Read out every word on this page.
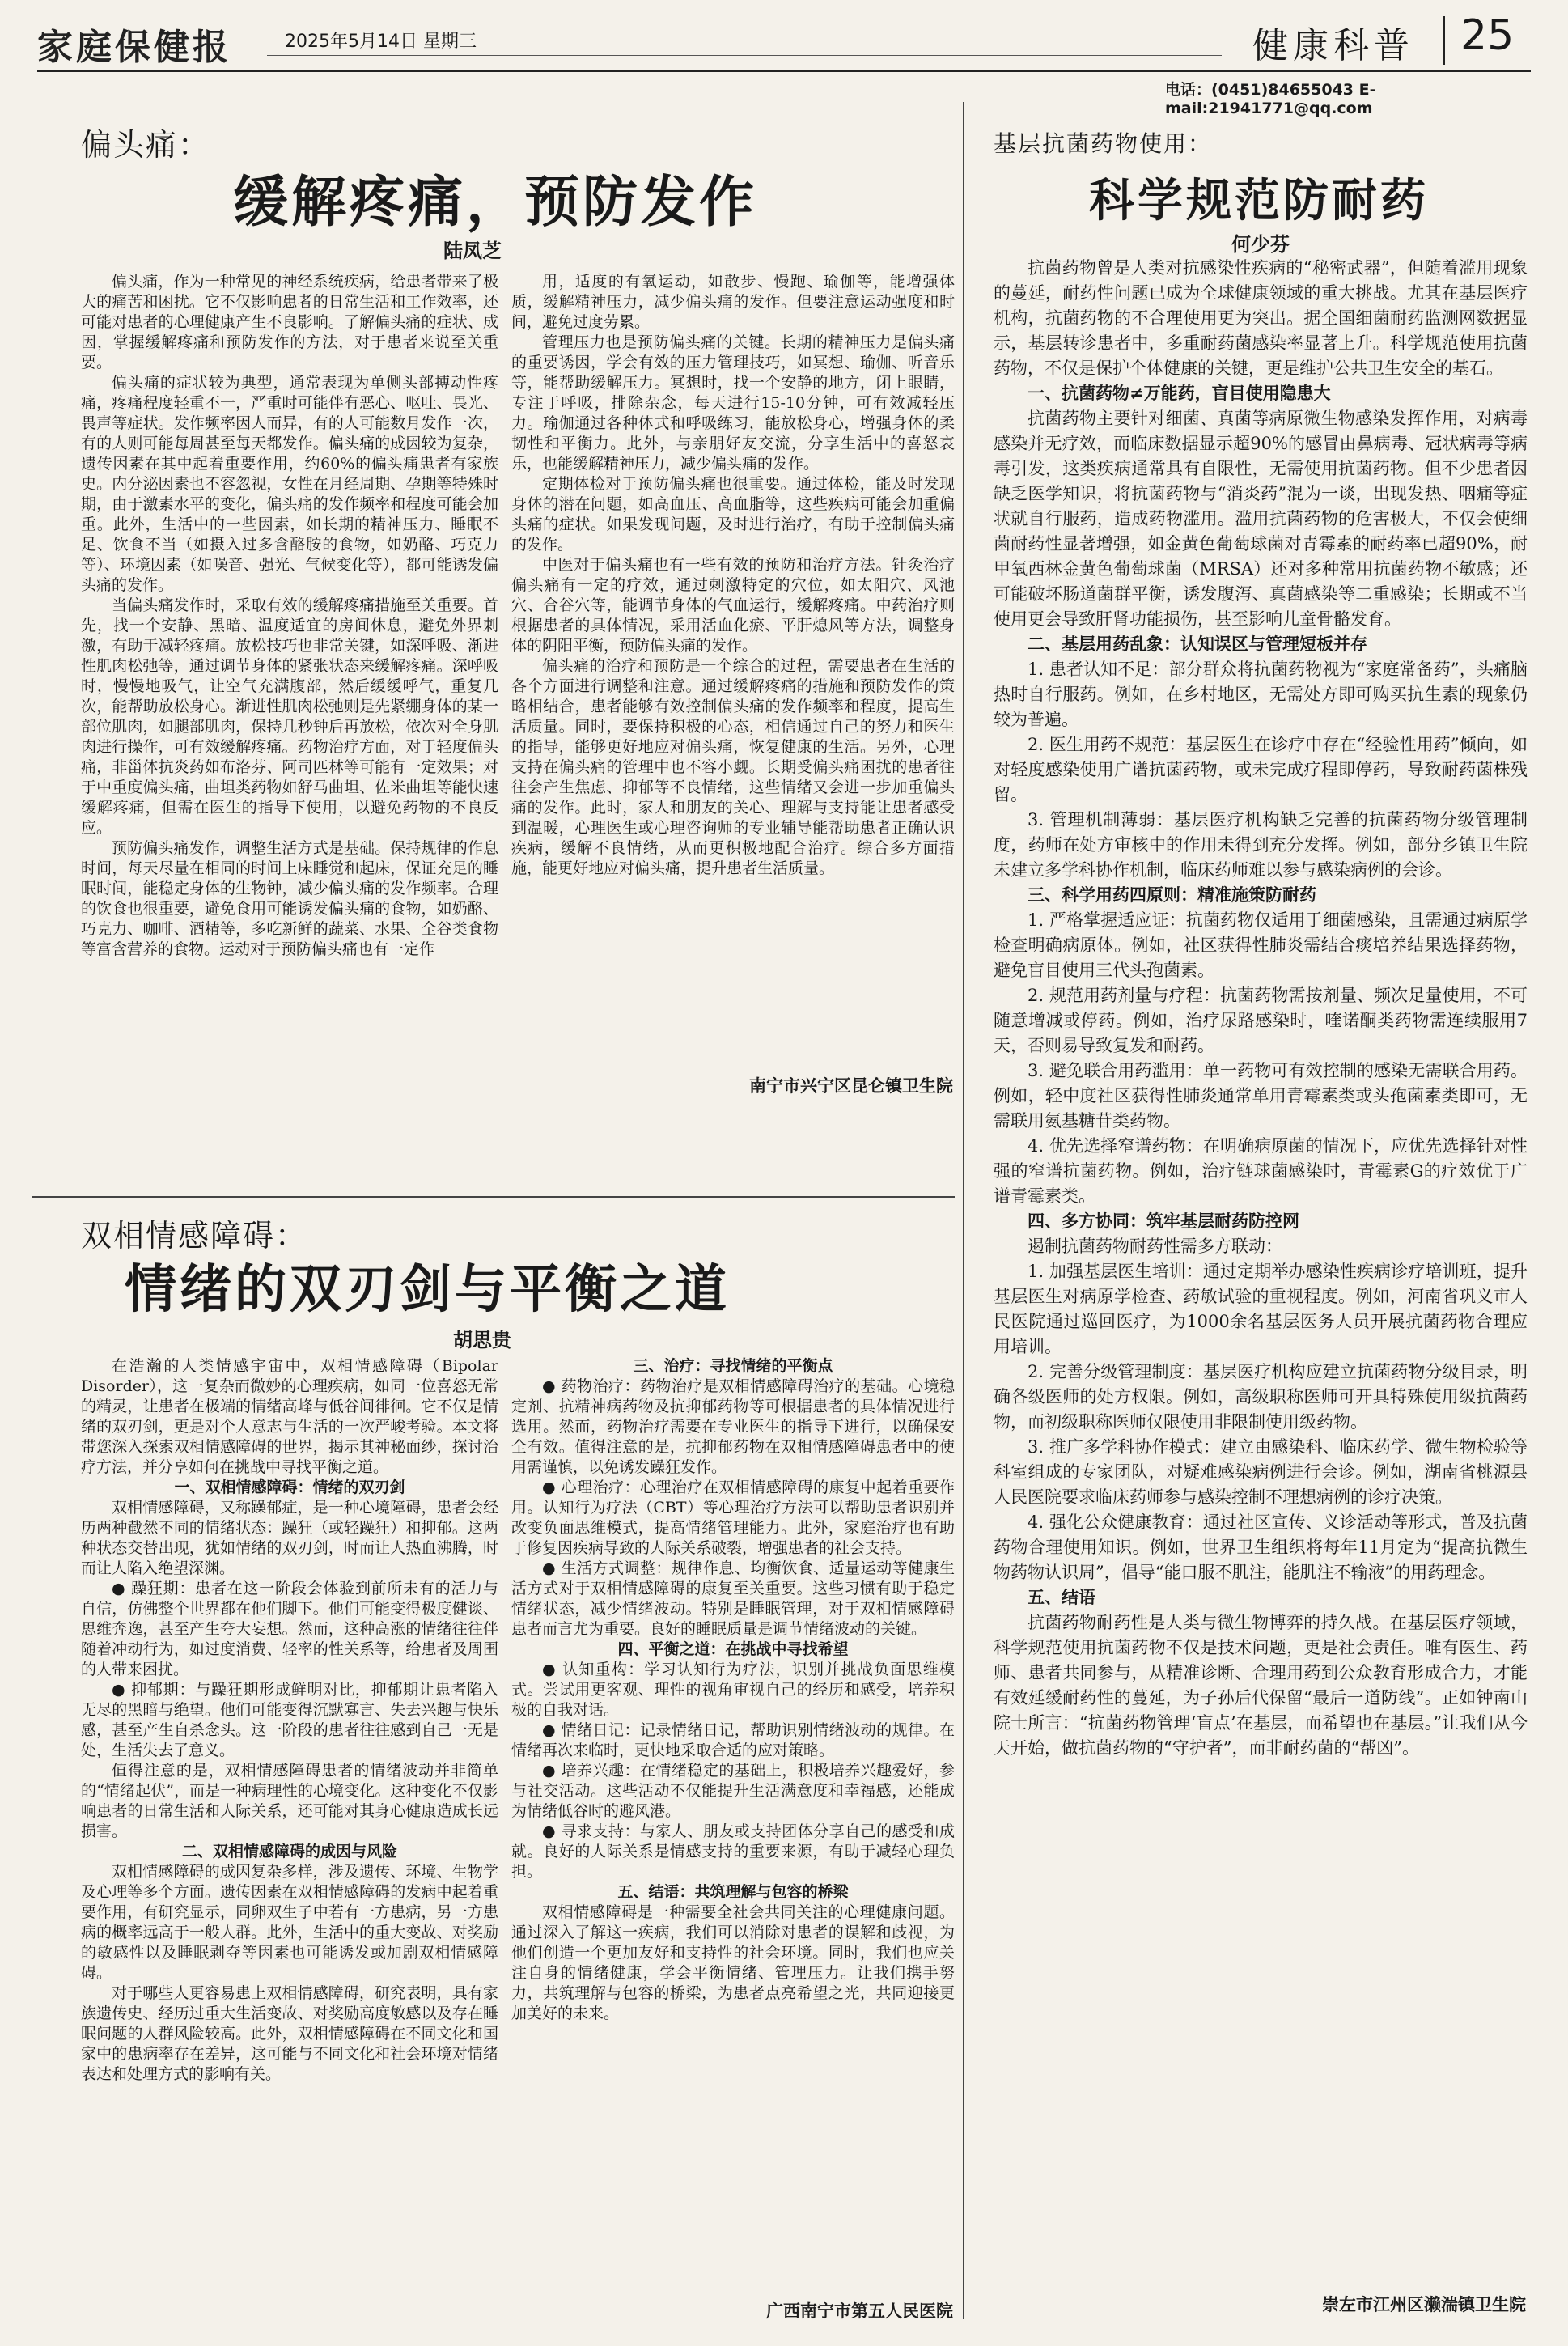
家庭保健报	2025年5月14日 星期三	健康科普 25
电话：(0451)84655043 E-mail:21941771@qq.com
偏头痛：
缓解疼痛，预防发作
陆凤芝

偏头痛，作为一种常见的神经系统疾病，给患者带来了极大的痛苦和困扰。它不仅影响患者的日常生活和工作效率，还可能对患者的心理健康产生不良影响。了解偏头痛的症状、成因，掌握缓解疼痛和预防发作的方法，对于患者来说至关重要。

偏头痛的症状较为典型，通常表现为单侧头部搏动性疼痛，疼痛程度轻重不一，严重时可能伴有恶心、呕吐、畏光、畏声等症状。发作频率因人而异，有的人可能数月发作一次，有的人则可能每周甚至每天都发作。偏头痛的成因较为复杂，遗传因素在其中起着重要作用，约60%的偏头痛患者有家族史。内分泌因素也不容忽视，女性在月经周期、孕期等特殊时期，由于激素水平的变化，偏头痛的发作频率和程度可能会加重。此外，生活中的一些因素，如长期的精神压力、睡眠不足、饮食不当（如摄入过多含酪胺的食物，如奶酪、巧克力等）、环境因素（如噪音、强光、气候变化等），都可能诱发偏头痛的发作。

当偏头痛发作时，采取有效的缓解疼痛措施至关重要。首先，找一个安静、黑暗、温度适宜的房间休息，避免外界刺激，有助于减轻疼痛。放松技巧也非常关键，如深呼吸、渐进性肌肉松弛等，通过调节身体的紧张状态来缓解疼痛。深呼吸时，慢慢地吸气，让空气充满腹部，然后缓缓呼气，重复几次，能帮助放松身心。渐进性肌肉松弛则是先紧绷身体的某一部位肌肉，如腿部肌肉，保持几秒钟后再放松，依次对全身肌肉进行操作，可有效缓解疼痛。药物治疗方面，对于轻度偏头痛，非甾体抗炎药如布洛芬、阿司匹林等可能有一定效果；对于中重度偏头痛，曲坦类药物如舒马曲坦、佐米曲坦等能快速缓解疼痛，但需在医生的指导下使用，以避免药物的不良反应。

预防偏头痛发作，调整生活方式是基础。保持规律的作息时间，每天尽量在相同的时间上床睡觉和起床，保证充足的睡眠时间，能稳定身体的生物钟，减少偏头痛的发作频率。合理的饮食也很重要，避免食用可能诱发偏头痛的食物，如奶酪、巧克力、咖啡、酒精等，多吃新鲜的蔬菜、水果、全谷类食物等富含营养的食物。运动对于预防偏头痛也有一定作

用，适度的有氧运动，如散步、慢跑、瑜伽等，能增强体质，缓解精神压力，减少偏头痛的发作。但要注意运动强度和时间，避免过度劳累。

管理压力也是预防偏头痛的关键。长期的精神压力是偏头痛的重要诱因，学会有效的压力管理技巧，如冥想、瑜伽、听音乐等，能帮助缓解压力。冥想时，找一个安静的地方，闭上眼睛，专注于呼吸，排除杂念，每天进行15-10分钟，可有效减轻压力。瑜伽通过各种体式和呼吸练习，能放松身心，增强身体的柔韧性和平衡力。此外，与亲朋好友交流，分享生活中的喜怒哀乐，也能缓解精神压力，减少偏头痛的发作。

定期体检对于预防偏头痛也很重要。通过体检，能及时发现身体的潜在问题，如高血压、高血脂等，这些疾病可能会加重偏头痛的症状。如果发现问题，及时进行治疗，有助于控制偏头痛的发作。

中医对于偏头痛也有一些有效的预防和治疗方法。针灸治疗偏头痛有一定的疗效，通过刺激特定的穴位，如太阳穴、风池穴、合谷穴等，能调节身体的气血运行，缓解疼痛。中药治疗则根据患者的具体情况，采用活血化瘀、平肝熄风等方法，调整身体的阴阳平衡，预防偏头痛的发作。

偏头痛的治疗和预防是一个综合的过程，需要患者在生活的各个方面进行调整和注意。通过缓解疼痛的措施和预防发作的策略相结合，患者能够有效控制偏头痛的发作频率和程度，提高生活质量。同时，要保持积极的心态，相信通过自己的努力和医生的指导，能够更好地应对偏头痛，恢复健康的生活。另外，心理支持在偏头痛的管理中也不容小觑。长期受偏头痛困扰的患者往往会产生焦虑、抑郁等不良情绪，这些情绪又会进一步加重偏头痛的发作。此时，家人和朋友的关心、理解与支持能让患者感受到温暖，心理医生或心理咨询师的专业辅导能帮助患者正确认识疾病，缓解不良情绪，从而更积极地配合治疗。综合多方面措施，能更好地应对偏头痛，提升患者生活质量。

南宁市兴宁区昆仑镇卫生院
双相情感障碍：
情绪的双刃剑与平衡之道
胡思贵

在浩瀚的人类情感宇宙中，双相情感障碍（Bipolar Disorder），这一复杂而微妙的心理疾病，如同一位喜怒无常的精灵，让患者在极端的情绪高峰与低谷间徘徊。它不仅是情绪的双刃剑，更是对个人意志与生活的一次严峻考验。本文将带您深入探索双相情感障碍的世界，揭示其神秘面纱，探讨治疗方法，并分享如何在挑战中寻找平衡之道。

一、双相情感障碍：情绪的双刃剑

双相情感障碍，又称躁郁症，是一种心境障碍，患者会经历两种截然不同的情绪状态：躁狂（或轻躁狂）和抑郁。这两种状态交替出现，犹如情绪的双刃剑，时而让人热血沸腾，时而让人陷入绝望深渊。

● 躁狂期：患者在这一阶段会体验到前所未有的活力与自信，仿佛整个世界都在他们脚下。他们可能变得极度健谈、思维奔逸，甚至产生夸大妄想。然而，这种高涨的情绪往往伴随着冲动行为，如过度消费、轻率的性关系等，给患者及周围的人带来困扰。

● 抑郁期：与躁狂期形成鲜明对比，抑郁期让患者陷入无尽的黑暗与绝望。他们可能变得沉默寡言、失去兴趣与快乐感，甚至产生自杀念头。这一阶段的患者往往感到自己一无是处，生活失去了意义。

值得注意的是，双相情感障碍患者的情绪波动并非简单的“情绪起伏”，而是一种病理性的心境变化。这种变化不仅影响患者的日常生活和人际关系，还可能对其身心健康造成长远损害。

二、双相情感障碍的成因与风险

双相情感障碍的成因复杂多样，涉及遗传、环境、生物学及心理等多个方面。遗传因素在双相情感障碍的发病中起着重要作用，有研究显示，同卵双生子中若有一方患病，另一方患病的概率远高于一般人群。此外，生活中的重大变故、对奖励的敏感性以及睡眠剥夺等因素也可能诱发或加剧双相情感障碍。

对于哪些人更容易患上双相情感障碍，研究表明，具有家族遗传史、经历过重大生活变故、对奖励高度敏感以及存在睡眠问题的人群风险较高。此外，双相情感障碍在不同文化和国家中的患病率存在差异，这可能与不同文化和社会环境对情绪表达和处理方式的影响有关。

三、治疗：寻找情绪的平衡点

● 药物治疗：药物治疗是双相情感障碍治疗的基础。心境稳定剂、抗精神病药物及抗抑郁药物等可根据患者的具体情况进行选用。然而，药物治疗需要在专业医生的指导下进行，以确保安全有效。值得注意的是，抗抑郁药物在双相情感障碍患者中的使用需谨慎，以免诱发躁狂发作。

● 心理治疗：心理治疗在双相情感障碍的康复中起着重要作用。认知行为疗法（CBT）等心理治疗方法可以帮助患者识别并改变负面思维模式，提高情绪管理能力。此外，家庭治疗也有助于修复因疾病导致的人际关系破裂，增强患者的社会支持。

● 生活方式调整：规律作息、均衡饮食、适量运动等健康生活方式对于双相情感障碍的康复至关重要。这些习惯有助于稳定情绪状态，减少情绪波动。特别是睡眠管理，对于双相情感障碍患者而言尤为重要。良好的睡眠质量是调节情绪波动的关键。

四、平衡之道：在挑战中寻找希望

● 认知重构：学习认知行为疗法，识别并挑战负面思维模式。尝试用更客观、理性的视角审视自己的经历和感受，培养积极的自我对话。

● 情绪日记：记录情绪日记，帮助识别情绪波动的规律。在情绪再次来临时，更快地采取合适的应对策略。

● 培养兴趣：在情绪稳定的基础上，积极培养兴趣爱好，参与社交活动。这些活动不仅能提升生活满意度和幸福感，还能成为情绪低谷时的避风港。

● 寻求支持：与家人、朋友或支持团体分享自己的感受和成就。良好的人际关系是情感支持的重要来源，有助于减轻心理负担。

五、结语：共筑理解与包容的桥梁

双相情感障碍是一种需要全社会共同关注的心理健康问题。通过深入了解这一疾病，我们可以消除对患者的误解和歧视，为他们创造一个更加友好和支持性的社会环境。同时，我们也应关注自身的情绪健康，学会平衡情绪、管理压力。让我们携手努力，共筑理解与包容的桥梁，为患者点亮希望之光，共同迎接更加美好的未来。

广西南宁市第五人民医院
基层抗菌药物使用：
科学规范防耐药
何少芬

抗菌药物曾是人类对抗感染性疾病的“秘密武器”，但随着滥用现象的蔓延，耐药性问题已成为全球健康领域的重大挑战。尤其在基层医疗机构，抗菌药物的不合理使用更为突出。据全国细菌耐药监测网数据显示，基层转诊患者中，多重耐药菌感染率显著上升。科学规范使用抗菌药物，不仅是保护个体健康的关键，更是维护公共卫生安全的基石。

一、抗菌药物≠万能药，盲目使用隐患大

抗菌药物主要针对细菌、真菌等病原微生物感染发挥作用，对病毒感染并无疗效，而临床数据显示超90%的感冒由鼻病毒、冠状病毒等病毒引发，这类疾病通常具有自限性，无需使用抗菌药物。但不少患者因缺乏医学知识，将抗菌药物与“消炎药”混为一谈，出现发热、咽痛等症状就自行服药，造成药物滥用。滥用抗菌药物的危害极大，不仅会使细菌耐药性显著增强，如金黄色葡萄球菌对青霉素的耐药率已超90%，耐甲氧西林金黄色葡萄球菌（MRSA）还对多种常用抗菌药物不敏感；还可能破坏肠道菌群平衡，诱发腹泻、真菌感染等二重感染；长期或不当使用更会导致肝肾功能损伤，甚至影响儿童骨骼发育。

二、基层用药乱象：认知误区与管理短板并存

1. 患者认知不足：部分群众将抗菌药物视为“家庭常备药”，头痛脑热时自行服药。例如，在乡村地区，无需处方即可购买抗生素的现象仍较为普遍。

2. 医生用药不规范：基层医生在诊疗中存在“经验性用药”倾向，如对轻度感染使用广谱抗菌药物，或未完成疗程即停药，导致耐药菌株残留。

3. 管理机制薄弱：基层医疗机构缺乏完善的抗菌药物分级管理制度，药师在处方审核中的作用未得到充分发挥。例如，部分乡镇卫生院未建立多学科协作机制，临床药师难以参与感染病例的会诊。

三、科学用药四原则：精准施策防耐药

1. 严格掌握适应证：抗菌药物仅适用于细菌感染，且需通过病原学检查明确病原体。例如，社区获得性肺炎需结合痰培养结果选择药物，避免盲目使用三代头孢菌素。

2. 规范用药剂量与疗程：抗菌药物需按剂量、频次足量使用，不可随意增减或停药。例如，治疗尿路感染时，喹诺酮类药物需连续服用7天，否则易导致复发和耐药。

3. 避免联合用药滥用：单一药物可有效控制的感染无需联合用药。例如，轻中度社区获得性肺炎通常单用青霉素类或头孢菌素类即可，无需联用氨基糖苷类药物。

4. 优先选择窄谱药物：在明确病原菌的情况下，应优先选择针对性强的窄谱抗菌药物。例如，治疗链球菌感染时，青霉素G的疗效优于广谱青霉素类。

四、多方协同：筑牢基层耐药防控网

遏制抗菌药物耐药性需多方联动：

1. 加强基层医生培训：通过定期举办感染性疾病诊疗培训班，提升基层医生对病原学检查、药敏试验的重视程度。例如，河南省巩义市人民医院通过巡回医疗，为1000余名基层医务人员开展抗菌药物合理应用培训。

2. 完善分级管理制度：基层医疗机构应建立抗菌药物分级目录，明确各级医师的处方权限。例如，高级职称医师可开具特殊使用级抗菌药物，而初级职称医师仅限使用非限制使用级药物。

3. 推广多学科协作模式：建立由感染科、临床药学、微生物检验等科室组成的专家团队，对疑难感染病例进行会诊。例如，湖南省桃源县人民医院要求临床药师参与感染控制不理想病例的诊疗决策。

4. 强化公众健康教育：通过社区宣传、义诊活动等形式，普及抗菌药物合理使用知识。例如，世界卫生组织将每年11月定为“提高抗微生物药物认识周”，倡导“能口服不肌注，能肌注不输液”的用药理念。

五、结语

抗菌药物耐药性是人类与微生物博弈的持久战。在基层医疗领域，科学规范使用抗菌药物不仅是技术问题，更是社会责任。唯有医生、药师、患者共同参与，从精准诊断、合理用药到公众教育形成合力，才能有效延缓耐药性的蔓延，为子孙后代保留“最后一道防线”。正如钟南山院士所言：“抗菌药物管理‘盲点’在基层，而希望也在基层。”让我们从今天开始，做抗菌药物的“守护者”，而非耐药菌的“帮凶”。

崇左市江州区濑湍镇卫生院
